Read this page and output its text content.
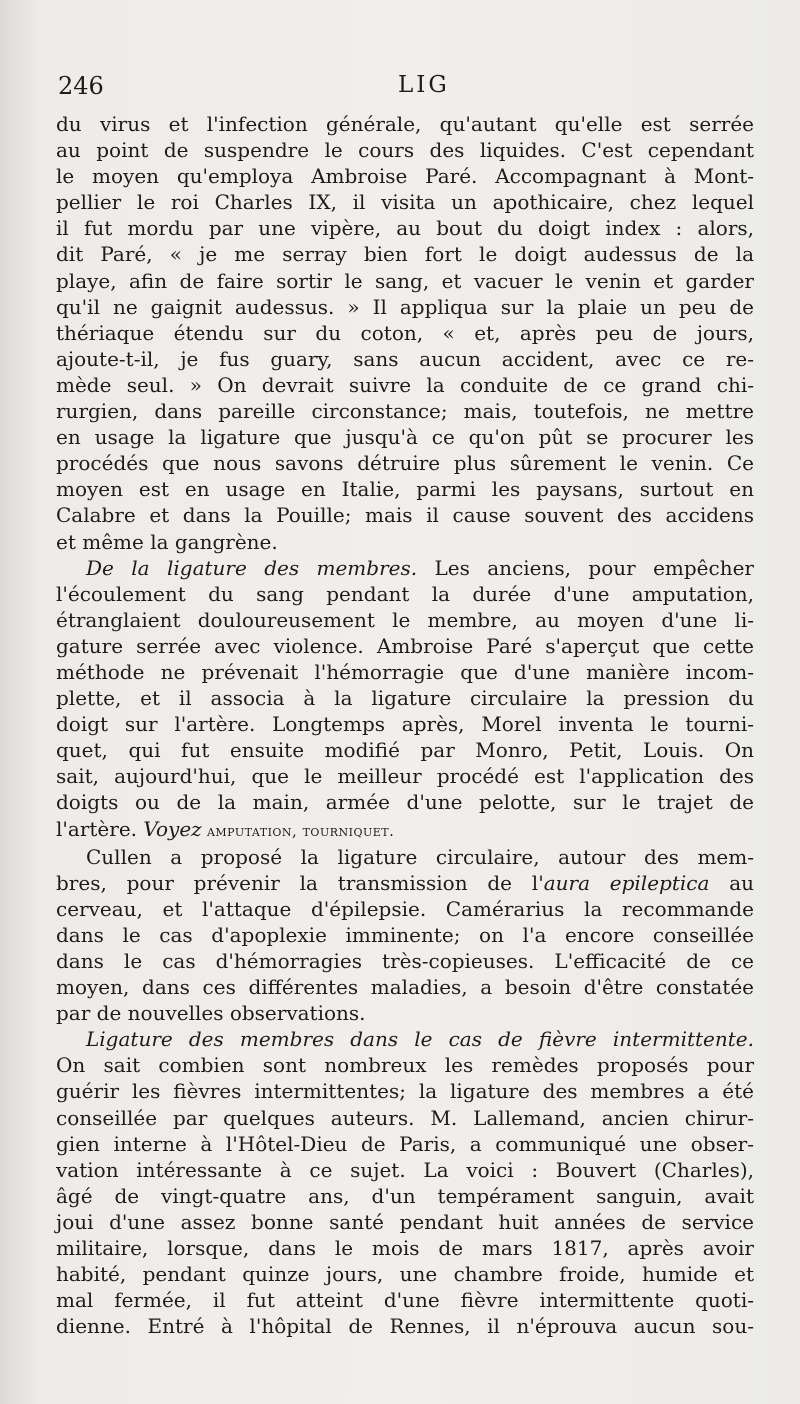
246	LIG

du virus et l'infection générale, qu'autant qu'elle est serrée
au point de suspendre le cours des liquides. C'est cependant
le moyen qu'employa Ambroise Paré. Accompagnant à Mont-
pellier le roi Charles IX, il visita un apothicaire, chez lequel
il fut mordu par une vipère, au bout du doigt index : alors,
dit Paré, « je me serray bien fort le doigt audessus de la
playe, afin de faire sortir le sang, et vacuer le venin et garder
qu'il ne gaignit audessus. » Il appliqua sur la plaie un peu de
thériaque étendu sur du coton, « et, après peu de jours,
ajoute-t-il, je fus guary, sans aucun accident, avec ce re-
mède seul. » On devrait suivre la conduite de ce grand chi-
rurgien, dans pareille circonstance; mais, toutefois, ne mettre
en usage la ligature que jusqu'à ce qu'on pût se procurer les
procédés que nous savons détruire plus sûrement le venin. Ce
moyen est en usage en Italie, parmi les paysans, surtout en
Calabre et dans la Pouille; mais il cause souvent des accidens
et même la gangrène.

De la ligature des membres. Les anciens, pour empêcher
l'écoulement du sang pendant la durée d'une amputation,
étranglaient douloureusement le membre, au moyen d'une li-
gature serrée avec violence. Ambroise Paré s'aperçut que cette
méthode ne prévenait l'hémorragie que d'une manière incom-
plette, et il associa à la ligature circulaire la pression du
doigt sur l'artère. Longtemps après, Morel inventa le tourni-
quet, qui fut ensuite modifié par Monro, Petit, Louis. On
sait, aujourd'hui, que le meilleur procédé est l'application des
doigts ou de la main, armée d'une pelotte, sur le trajet de
l'artère. Voyez amputation, tourniquet.

Cullen a proposé la ligature circulaire, autour des mem-
bres, pour prévenir la transmission de l'aura epileptica au
cerveau, et l'attaque d'épilepsie. Camérarius la recommande
dans le cas d'apoplexie imminente; on l'a encore conseillée
dans le cas d'hémorragies très-copieuses. L'efficacité de ce
moyen, dans ces différentes maladies, a besoin d'être constatée
par de nouvelles observations.

Ligature des membres dans le cas de fièvre intermittente.
On sait combien sont nombreux les remèdes proposés pour
guérir les fièvres intermittentes; la ligature des membres a été
conseillée par quelques auteurs. M. Lallemand, ancien chirur-
gien interne à l'Hôtel-Dieu de Paris, a communiqué une obser-
vation intéressante à ce sujet. La voici : Bouvert (Charles),
âgé de vingt-quatre ans, d'un tempérament sanguin, avait
joui d'une assez bonne santé pendant huit années de service
militaire, lorsque, dans le mois de mars 1817, après avoir
habité, pendant quinze jours, une chambre froide, humide et
mal fermée, il fut atteint d'une fièvre intermittente quoti-
dienne. Entré à l'hôpital de Rennes, il n'éprouva aucun sou-
